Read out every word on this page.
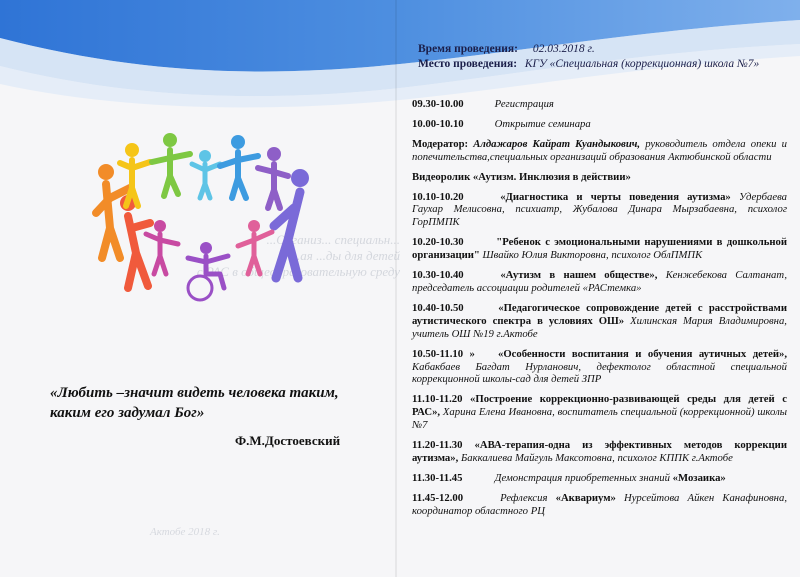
...Организ... специальн...
...ая ...ды для детей
с РАС в общеобразовательную среду
Актобе 2018 г.
«Любить –значит видеть человека таким, каким его задумал Бог»
Ф.М.Достоевский
Время проведения: 02.03.2018 г.
Место проведения: КГУ «Специальная (коррекционная) школа №7»
09.30-10.00	Регистрация
10.00-10.10	Открытие семинара
Модератор: Алдажаров Кайрат Куандыкович, руководитель отдела опеки и попечительства,специальных организаций образования Актюбинской области
Видеоролик «Аутизм. Инклюзия в действии»
10.10-10.20	«Диагностика и черты поведения аутизма» Удербаева Гаухар Мелисовна, психиатр, Жубалова Динара Мырзабаевна, психолог ГорПМПК
10.20-10.30	"Ребенок с эмоциональными нарушениями в дошкольной организации" Швайко Юлия Викторовна, психолог ОблПМПК
10.30-10.40	«Аутизм в нашем обществе», Кенжебекова Салтанат, председатель ассоциации родителей «РАСтемка»
10.40-10.50	«Педагогическое сопровождение детей с расстройствами аутистического спектра в условиях ОШ» Хилинская Мария Владимировна, учитель ОШ №19 г.Актобе
10.50-11.10 » «Особенности воспитания и обучения аутичных детей», Кабакбаев Багдат Нурланович, дефектолог областной специальной коррекционной школы-сад для детей ЗПР
11.10-11.20 «Построение коррекционно-развивающей среды для детей с РАС», Харина Елена Ивановна, воспитатель специальной (коррекционной) школы №7
11.20-11.30 «АВА-терапия-одна из эффективных методов коррекции аутизма», Баккалиева Майгуль Максотовна, психолог КППК г.Актобе
11.30-11.45	Демонстрация приобретенных знаний «Мозаика»
11.45-12.00	Рефлексия «Аквариум» Нурсейтова Айкен Канафиновна, координатор областного РЦ
